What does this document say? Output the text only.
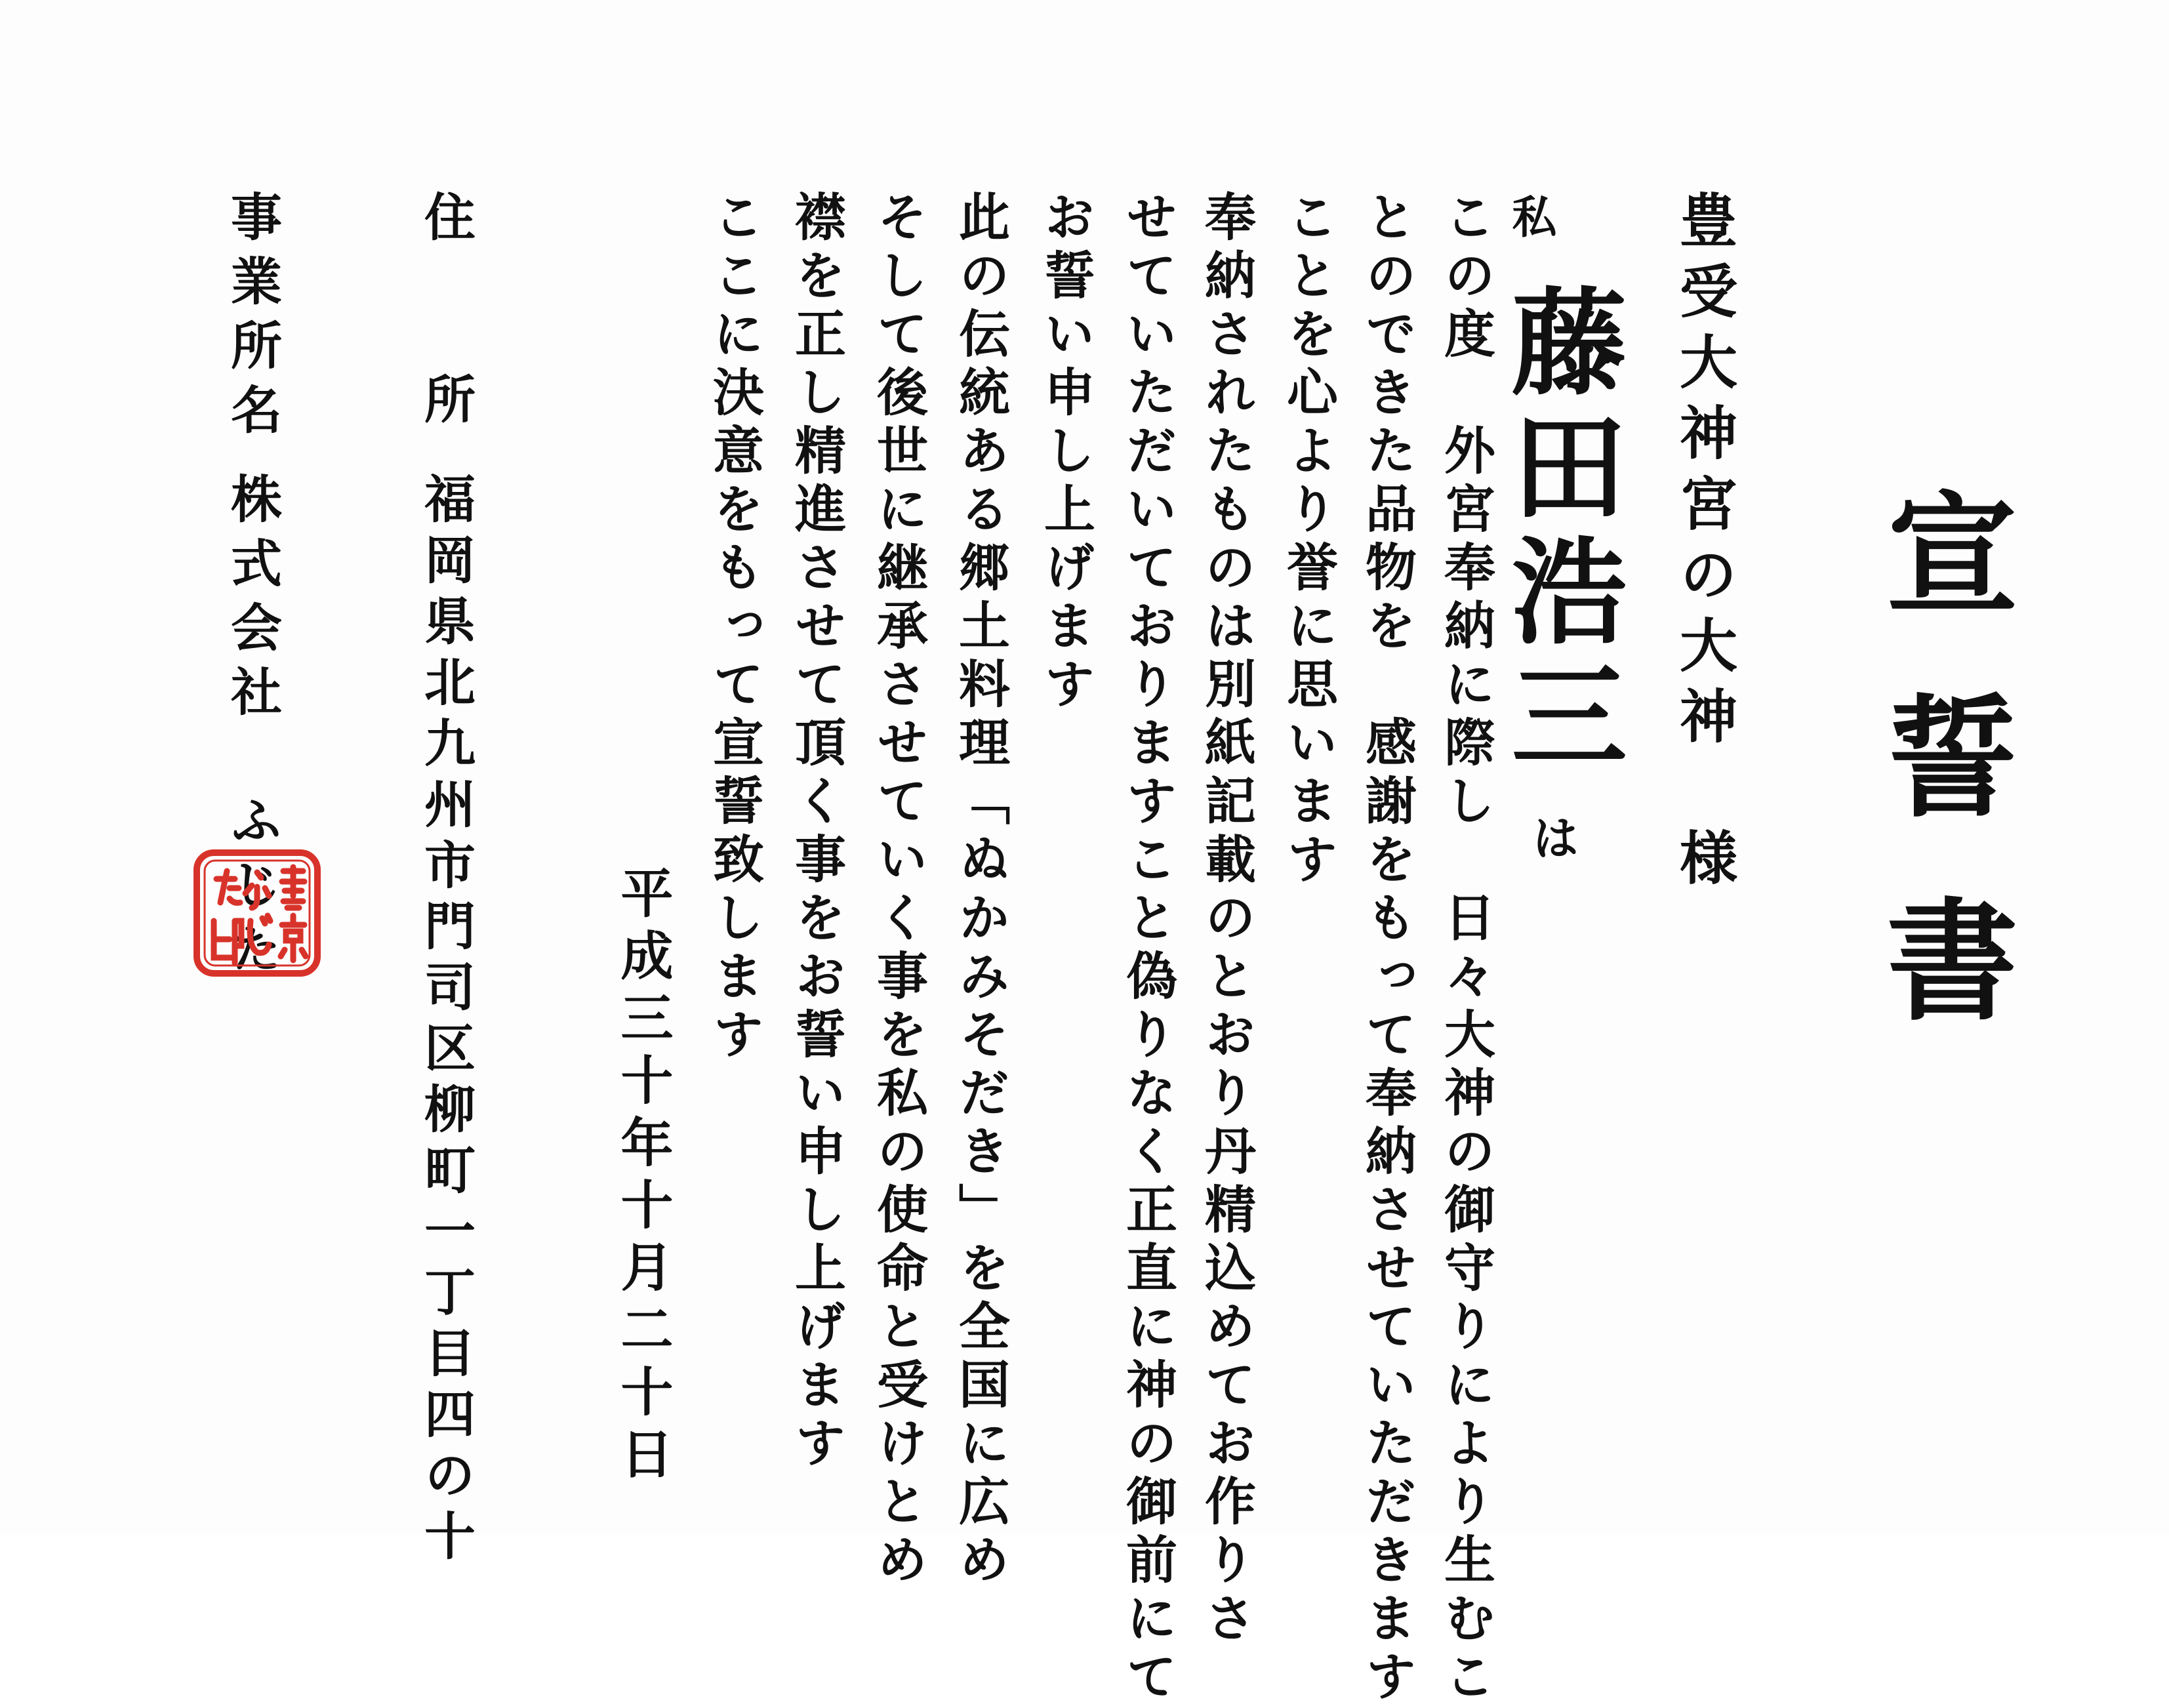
宣誓書
豊受大神宮の大神　様
私
藤田浩三
は
この度　外宮奉納に際し　日々大神の御守りにより生むこ
とのできた品物を　感謝をもって奉納させていただきます
ことを心より誉に思います
奉納されたものは別紙記載のとおり丹精込めてお作りさ
せていただいておりますこと偽りなく正直に神の御前にて
お誓い申し上げます
此の伝統ある郷土料理「ぬかみそだき」を全国に広め
そして後世に継承させていく事を私の使命と受けとめ
襟を正し精進させて頂く事をお誓い申し上げます
ここに決意をもって宣誓致します
平成三十年十月二十日
住所
福岡県北九州市門司区柳町一丁目四の十
事業所名
株式会社　ふじた
